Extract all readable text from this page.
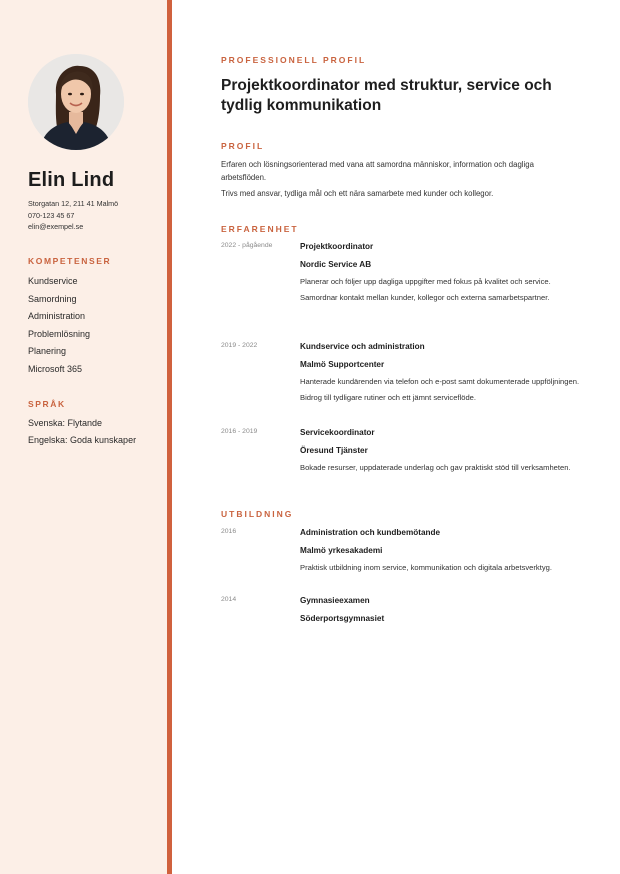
Elin Lind
Storgatan 12, 211 41 Malmö
070-123 45 67
elin@exempel.se
KOMPETENSER
Kundservice
Samordning
Administration
Problemlösning
Planering
Microsoft 365
SPRÅK
Svenska: Flytande
Engelska: Goda kunskaper
PROFESSIONELL PROFIL
Projektkoordinator med struktur, service och tydlig kommunikation
PROFIL

Erfaren och lösningsorienterad med vana att samordna människor, information och dagliga arbetsflöden.

Trivs med ansvar, tydliga mål och ett nära samarbete med kunder och kollegor.

ERFARENHET
2022 - pågående	Projektkoordinator
Nordic Service AB
Planerar och följer upp dagliga uppgifter med fokus på kvalitet och service.
Samordnar kontakt mellan kunder, kollegor och externa samarbetspartner.
2019 - 2022	Kundservice och administration
Malmö Supportcenter
Hanterade kundärenden via telefon och e-post samt dokumenterade uppföljningen.
Bidrog till tydligare rutiner och ett jämnt serviceflöde.
2016 - 2019	Servicekoordinator
Öresund Tjänster
Bokade resurser, uppdaterade underlag och gav praktiskt stöd till verksamheten.
UTBILDNING
2016	Administration och kundbemötande
Malmö yrkesakademi
Praktisk utbildning inom service, kommunikation och digitala arbetsverktyg.
2014	Gymnasieexamen
Söderportsgymnasiet
